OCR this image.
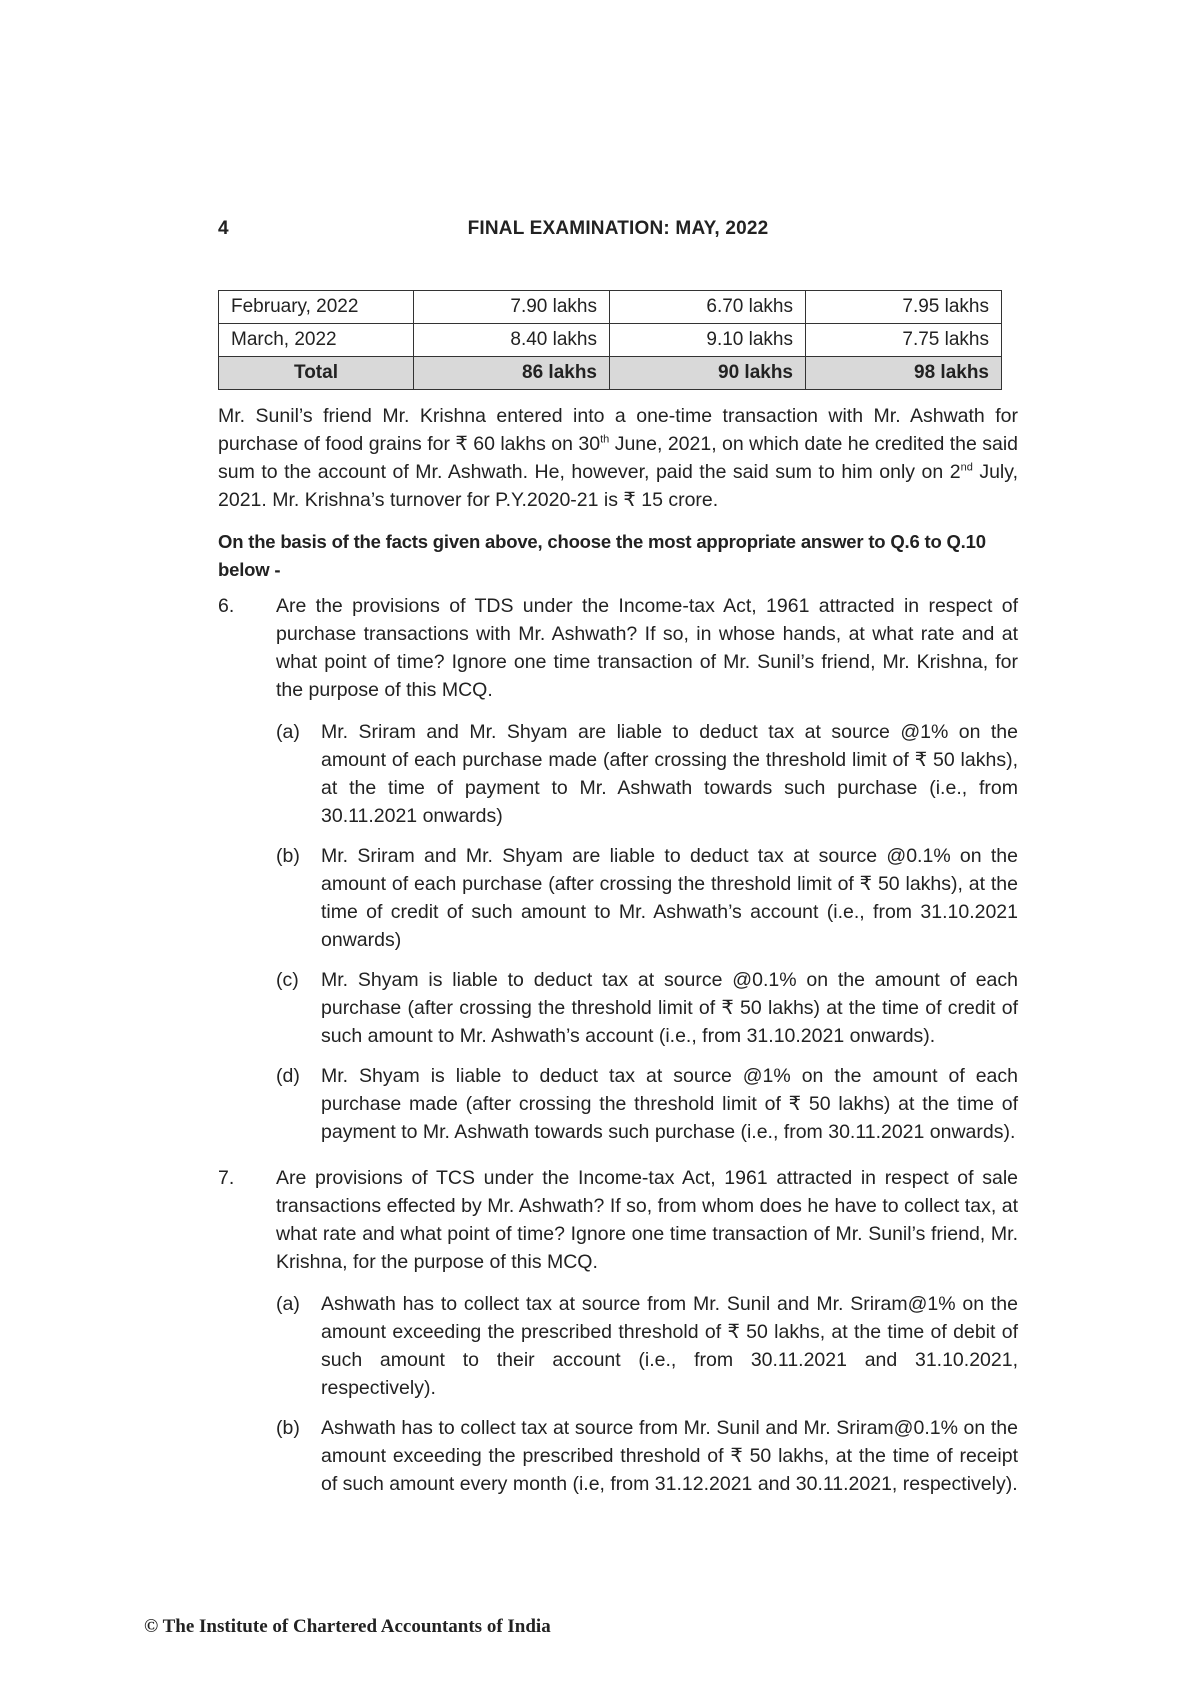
4	FINAL EXAMINATION: MAY, 2022
February, 2022	7.90 lakhs	6.70 lakhs	7.95 lakhs
March, 2022	8.40 lakhs	9.10 lakhs	7.75 lakhs
Total	86 lakhs	90 lakhs	98 lakhs

Mr. Sunil’s friend Mr. Krishna entered into a one-time transaction with Mr. Ashwath for purchase of food grains for ₹ 60 lakhs on 30th June, 2021, on which date he credited the said sum to the account of Mr. Ashwath. He, however, paid the said sum to him only on 2nd July, 2021. Mr. Krishna’s turnover for P.Y.2020-21 is ₹ 15 crore.

On the basis of the facts given above, choose the most appropriate answer to Q.6 to Q.10 below -

6.	Are the provisions of TDS under the Income-tax Act, 1961 attracted in respect of purchase transactions with Mr. Ashwath? If so, in whose hands, at what rate and at what point of time? Ignore one time transaction of Mr. Sunil’s friend, Mr. Krishna, for the purpose of this MCQ.

(a)	Mr. Sriram and Mr. Shyam are liable to deduct tax at source @1% on the amount of each purchase made (after crossing the threshold limit of ₹ 50 lakhs), at the time of payment to Mr. Ashwath towards such purchase (i.e., from 30.11.2021 onwards)
(b)	Mr. Sriram and Mr. Shyam are liable to deduct tax at source @0.1% on the amount of each purchase (after crossing the threshold limit of ₹ 50 lakhs), at the time of credit of such amount to Mr. Ashwath’s account (i.e., from 31.10.2021 onwards)
(c)	Mr. Shyam is liable to deduct tax at source @0.1% on the amount of each purchase (after crossing the threshold limit of ₹ 50 lakhs) at the time of credit of such amount to Mr. Ashwath’s account (i.e., from 31.10.2021 onwards).
(d)	Mr. Shyam is liable to deduct tax at source @1% on the amount of each purchase made (after crossing the threshold limit of ₹ 50 lakhs) at the time of payment to Mr. Ashwath towards such purchase (i.e., from 30.11.2021 onwards).
7.	Are provisions of TCS under the Income-tax Act, 1961 attracted in respect of sale transactions effected by Mr. Ashwath? If so, from whom does he have to collect tax, at what rate and what point of time? Ignore one time transaction of Mr. Sunil’s friend, Mr. Krishna, for the purpose of this MCQ.

(a)	Ashwath has to collect tax at source from Mr. Sunil and Mr. Sriram@1% on the amount exceeding the prescribed threshold of ₹ 50 lakhs, at the time of debit of such amount to their account (i.e., from 30.11.2021 and 31.10.2021, respectively).
(b)	Ashwath has to collect tax at source from Mr. Sunil and Mr. Sriram@0.1% on the amount exceeding the prescribed threshold of ₹ 50 lakhs, at the time of receipt of such amount every month (i.e, from 31.12.2021 and 30.11.2021, respectively).
© The Institute of Chartered Accountants of India
